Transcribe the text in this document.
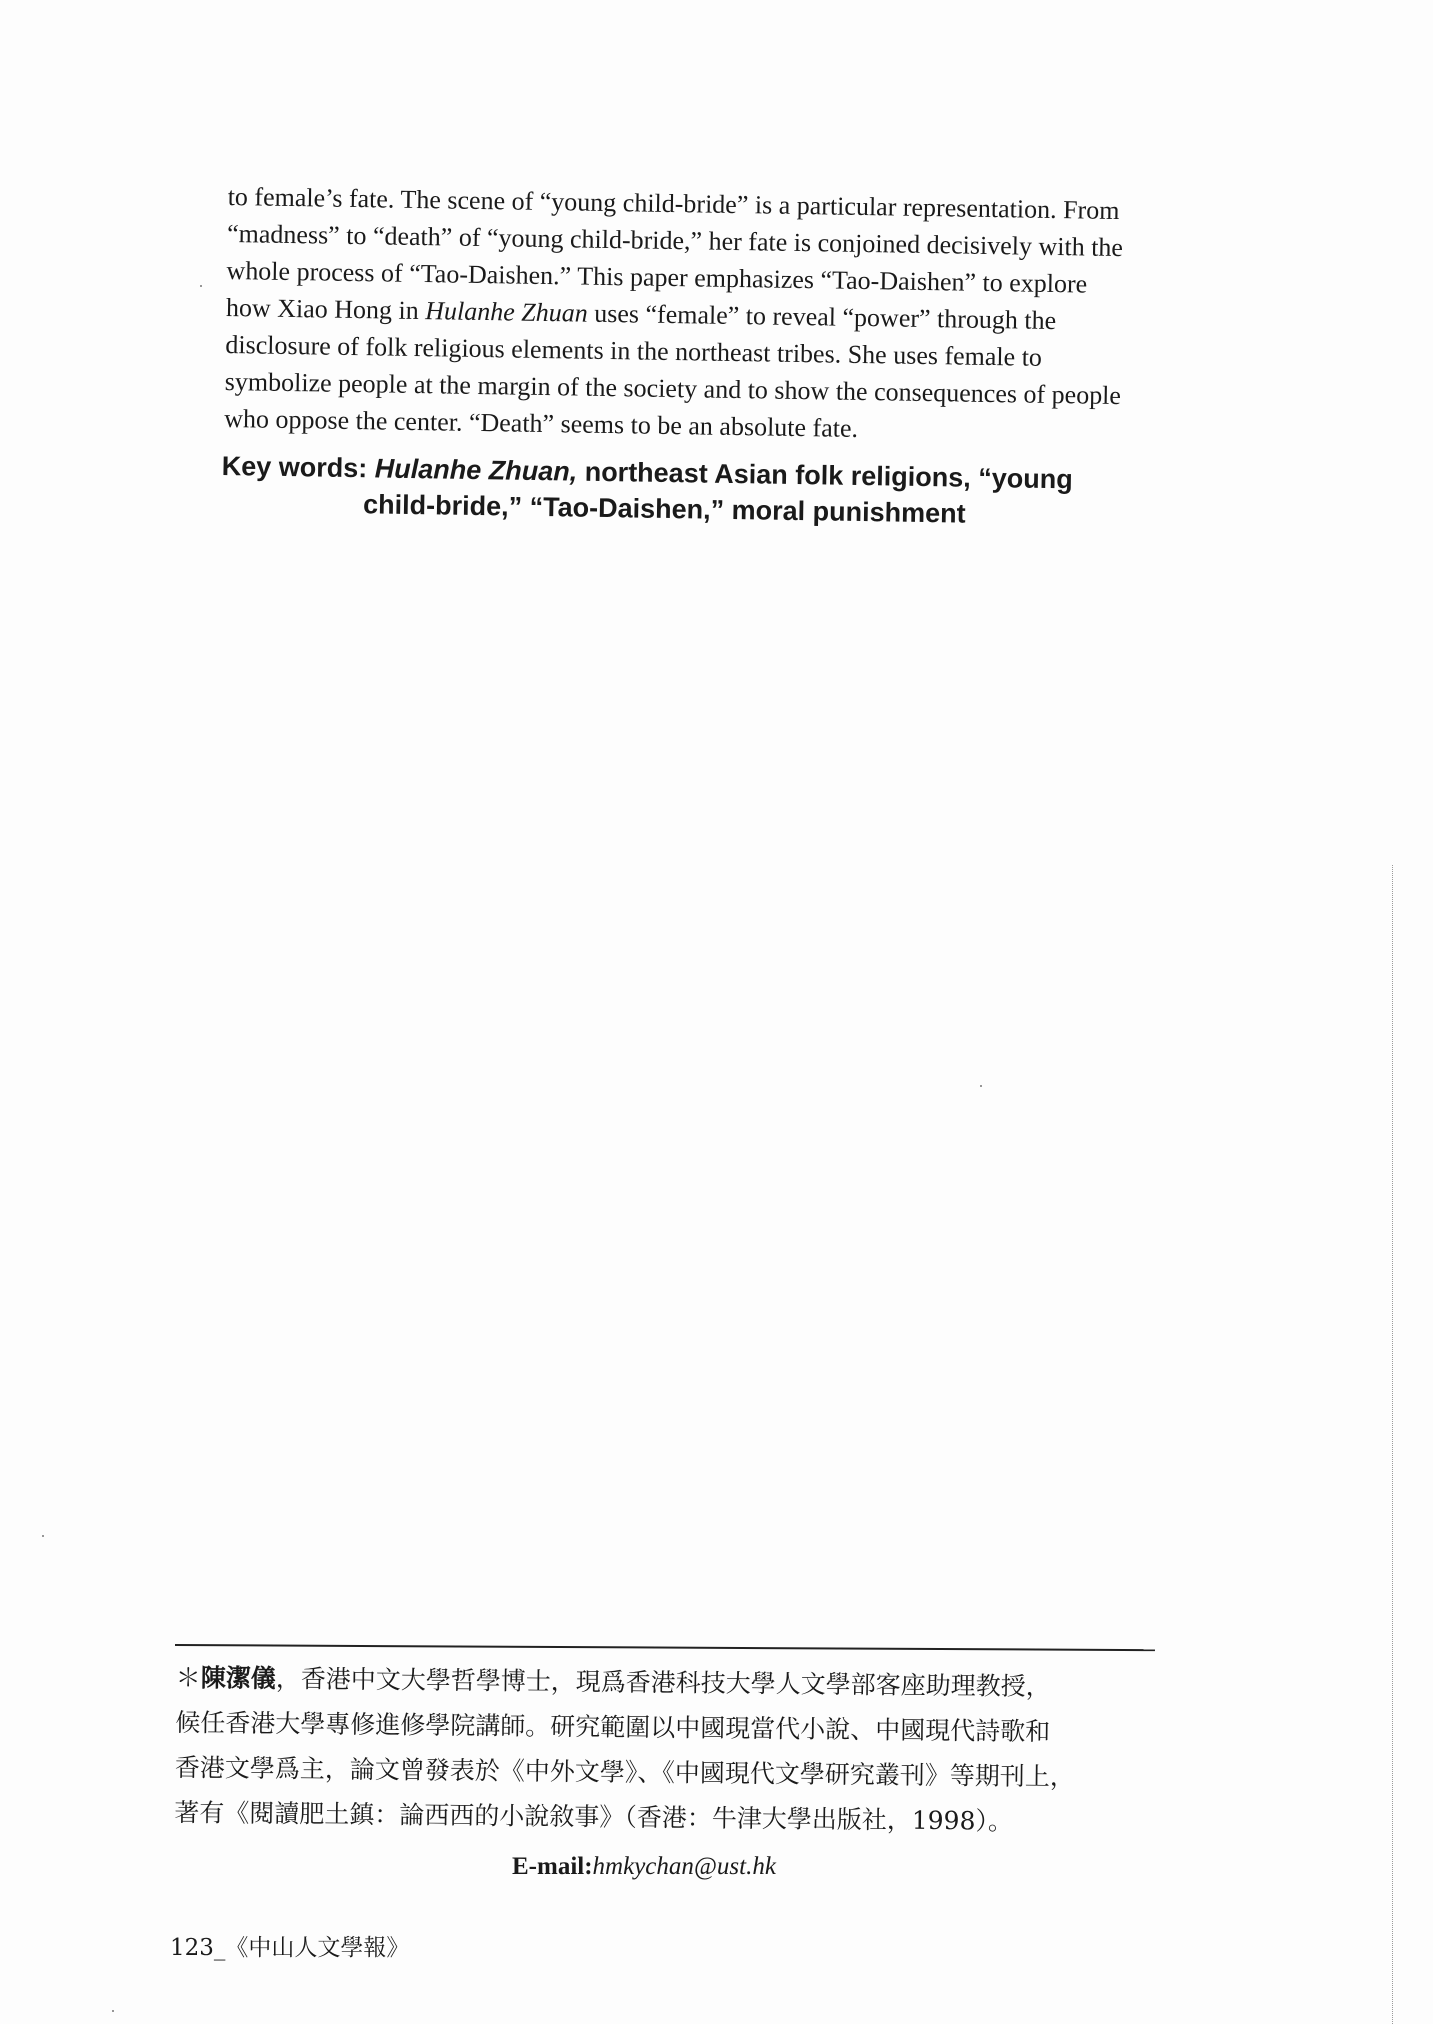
to female’s fate. The scene of “young child-bride” is a particular representation. From

“madness” to “death” of “young child-bride,” her fate is conjoined decisively with the

whole process of “Tao-Daishen.” This paper emphasizes “Tao-Daishen” to explore

how Xiao Hong in Hulanhe Zhuan uses “female” to reveal “power” through the

disclosure of folk religious elements in the northeast tribes. She uses female to

symbolize people at the margin of the society and to show the consequences of people

who oppose the center. “Death” seems to be an absolute fate.

Key words: Hulanhe Zhuan, northeast Asian folk religions, “young
child-bride,” “Tao-Daishen,” moral punishment

＊陳潔儀，香港中文大學哲學博士，現爲香港科技大學人文學部客座助理教授，

候任香港大學專修進修學院講師。研究範圍以中國現當代小說、中國現代詩歌和

香港文學爲主，論文曾發表於《中外文學》、《中國現代文學研究叢刊》等期刊上，

著有《閱讀肥土鎮：論西西的小說敘事》（香港：牛津大學出版社，1998）。

E-mail:hmkychan@ust.hk
123_《中山人文學報》
